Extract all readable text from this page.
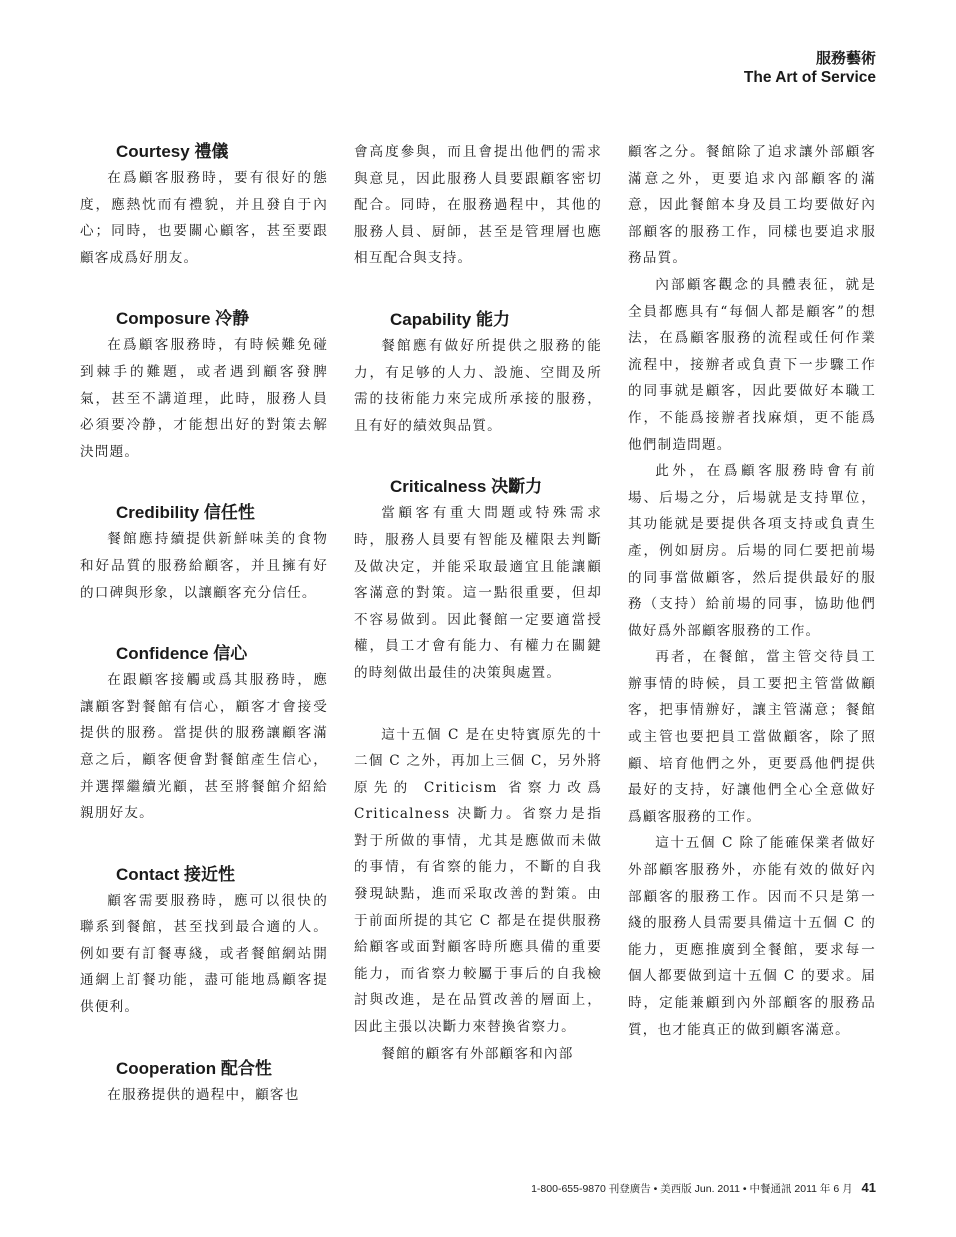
服務藝術
The Art of Service
Courtesy 禮儀

在爲顧客服務時，要有很好的態度，應熱忱而有禮貌，并且發自于內心；同時，也要關心顧客，甚至要跟顧客成爲好朋友。

Composure 冷静

在爲顧客服務時，有時候難免碰到棘手的難題，或者遇到顧客發脾氣，甚至不講道理，此時，服務人員必須要冷静，才能想出好的對策去解決問題。

Credibility 信任性

餐館應持續提供新鮮味美的食物和好品質的服務給顧客，并且擁有好的口碑與形象，以讓顧客充分信任。

Confidence 信心

在跟顧客接觸或爲其服務時，應讓顧客對餐館有信心，顧客才會接受提供的服務。當提供的服務讓顧客滿意之后，顧客便會對餐館產生信心，并選擇繼續光顧，甚至將餐館介紹給親朋好友。

Contact 接近性

顧客需要服務時，應可以很快的聯系到餐館，甚至找到最合適的人。例如要有訂餐專綫，或者餐館網站開通網上訂餐功能，盡可能地爲顧客提供便利。

Cooperation 配合性

在服務提供的過程中，顧客也

會高度參與，而且會提出他們的需求與意見，因此服務人員要跟顧客密切配合。同時，在服務過程中，其他的服務人員、厨師，甚至是管理層也應相互配合與支持。

Capability 能力

餐館應有做好所提供之服務的能力，有足够的人力、設施、空間及所需的技術能力來完成所承接的服務，且有好的績效與品質。

Criticalness 决斷力

當顧客有重大問題或特殊需求時，服務人員要有智能及權限去判斷及做决定，并能采取最適宜且能讓顧客滿意的對策。這一點很重要，但却不容易做到。因此餐館一定要適當授權，員工才會有能力、有權力在關鍵的時刻做出最佳的决策與處置。

這十五個 C 是在史特賓原先的十二個 C 之外，再加上三個 C，另外將原先的 Criticism 省察力改爲 Criticalness 决斷力。省察力是指對于所做的事情，尤其是應做而未做的事情，有省察的能力，不斷的自我發現缺點，進而采取改善的對策。由于前面所提的其它 C 都是在提供服務給顧客或面對顧客時所應具備的重要能力，而省察力較屬于事后的自我檢討與改進，是在品質改善的層面上，因此主張以决斷力來替換省察力。

餐館的顧客有外部顧客和內部

顧客之分。餐館除了追求讓外部顧客滿意之外，更要追求內部顧客的滿意，因此餐館本身及員工均要做好內部顧客的服務工作，同樣也要追求服務品質。

內部顧客觀念的具體表征，就是全員都應具有“每個人都是顧客”的想法，在爲顧客服務的流程或任何作業流程中，接辦者或負責下一步驟工作的同事就是顧客，因此要做好本職工作，不能爲接辦者找麻煩，更不能爲他們制造問題。

此外，在爲顧客服務時會有前場、后場之分，后場就是支持單位，其功能就是要提供各項支持或負責生產，例如厨房。后場的同仁要把前場的同事當做顧客，然后提供最好的服務（支持）給前場的同事，協助他們做好爲外部顧客服務的工作。

再者，在餐館，當主管交待員工辦事情的時候，員工要把主管當做顧客，把事情辦好，讓主管滿意；餐館或主管也要把員工當做顧客，除了照顧、培育他們之外，更要爲他們提供最好的支持，好讓他們全心全意做好爲顧客服務的工作。

這十五個 C 除了能確保業者做好外部顧客服務外，亦能有效的做好內部顧客的服務工作。因而不只是第一綫的服務人員需要具備這十五個 C 的能力，更應推廣到全餐館，要求每一個人都要做到這十五個 C 的要求。届時，定能兼顧到內外部顧客的服務品質，也才能真正的做到顧客滿意。

1-800-655-9870 刊登廣告 • 美西版 Jun. 2011 • 中餐通訊 2011 年 6 月 41
